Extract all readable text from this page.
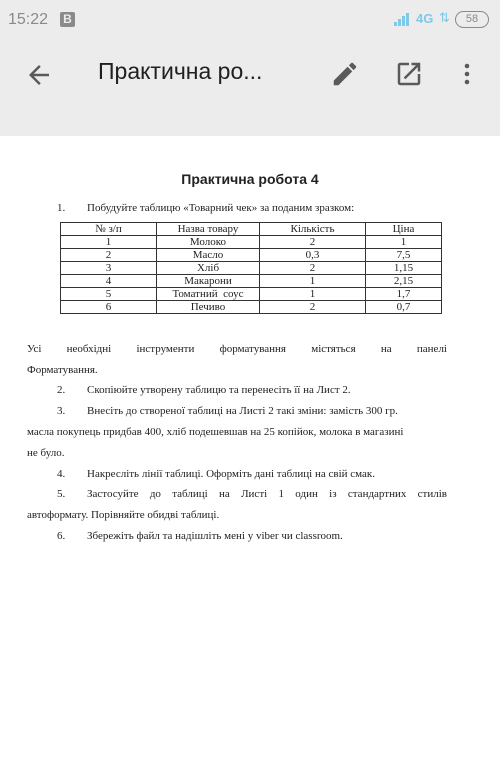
15:22 B	4G ⇅	58
Практична ро...
Практична робота 4
1. Побудуйте таблицю «Товарний чек» за поданим зразком:
№ з/п	Назва товару	Кількість	Ціна
1	Молоко	2	1
2	Масло	0,3	7,5
3	Хліб	2	1,15
4	Макарони	1	2,15
5	Томатний  соус	1	1,7
6	Печиво	2	0,7
Усі необхідні інструменти форматування містяться на панелі
Форматування.
2. Скопіюйте утворену таблицю та перенесіть її на Лист 2.
3. Внесіть до створеної таблиці на Листі 2 такі зміни: замість 300 гр.
масла покупець придбав 400, хліб подешевшав на 25 копійок, молока в магазині
не було.
4. Накресліть лінії таблиці. Оформіть дані таблиці на свій смак.
5. Застосуйте до таблиці на Листі 1 один із стандартних стилів
автоформату. Порівняйте обидві таблиці.
6. Збережіть файл та надішліть мені у viber чи classroom.
